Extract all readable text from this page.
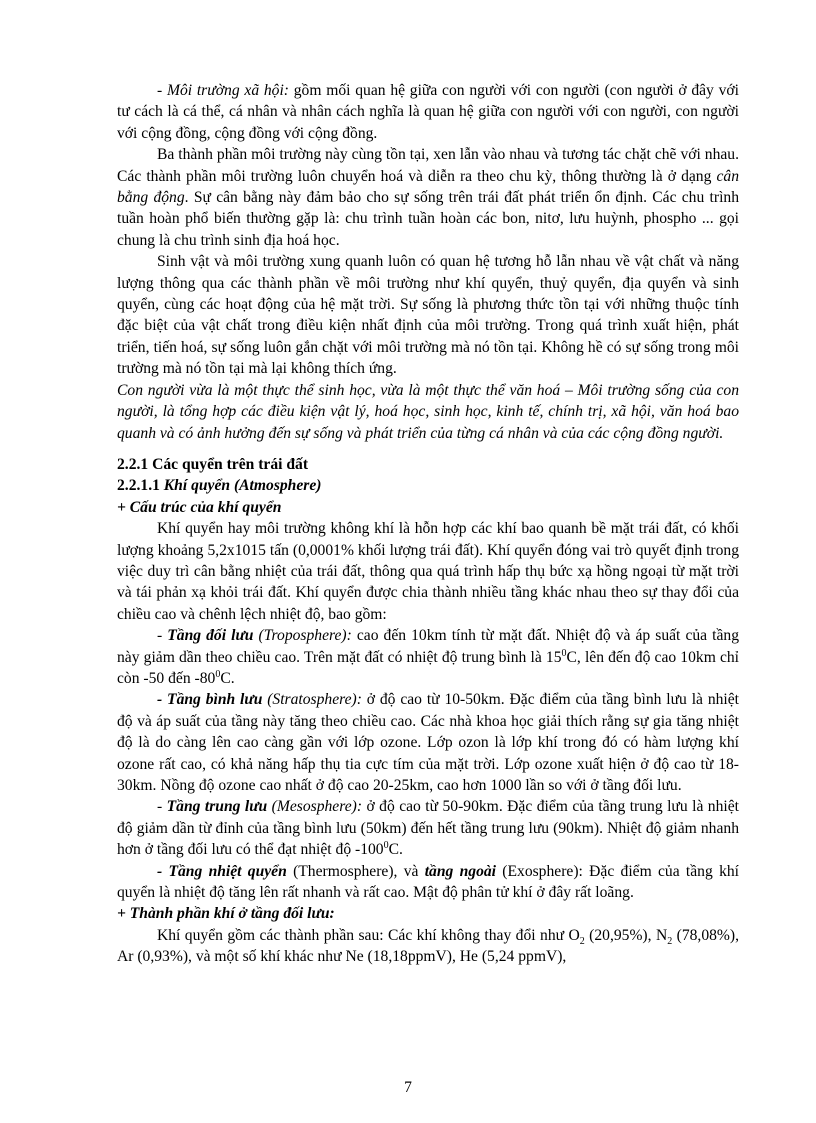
- Môi trường xã hội: gồm mối quan hệ giữa con người với con người (con người ở đây với tư cách là cá thể, cá nhân và nhân cách nghĩa là quan hệ giữa con người với con người, con người với cộng đồng, cộng đồng với cộng đồng.

Ba thành phần môi trường này cùng tồn tại, xen lẫn vào nhau và tương tác chặt chẽ với nhau. Các thành phần môi trường luôn chuyển hoá và diễn ra theo chu kỳ, thông thường là ở dạng cân bằng động. Sự cân bằng này đảm bảo cho sự sống trên trái đất phát triển ổn định. Các chu trình tuần hoàn phổ biến thường gặp là: chu trình tuần hoàn các bon, nitơ, lưu huỳnh, phospho ... gọi chung là chu trình sinh địa hoá học.

Sinh vật và môi trường xung quanh luôn có quan hệ tương hỗ lẫn nhau về vật chất và năng lượng thông qua các thành phần về môi trường như khí quyển, thuỷ quyển, địa quyển và sinh quyển, cùng các hoạt động của hệ mặt trời. Sự sống là phương thức tồn tại với những thuộc tính đặc biệt của vật chất trong điều kiện nhất định của môi trường. Trong quá trình xuất hiện, phát triển, tiến hoá, sự sống luôn gắn chặt với môi trường mà nó tồn tại. Không hề có sự sống trong môi trường mà nó tồn tại mà lại không thích ứng.

Con người vừa là một thực thể sinh học, vừa là một thực thể văn hoá – Môi trường sống của con người, là tổng hợp các điều kiện vật lý, hoá học, sinh học, kinh tế, chính trị, xã hội, văn hoá bao quanh và có ảnh hưởng đến sự sống và phát triển của từng cá nhân và của các cộng đồng người.

2.2.1 Các quyển trên trái đất

2.2.1.1 Khí quyển (Atmosphere)

+ Cấu trúc của khí quyển

Khí quyển hay môi trường không khí là hỗn hợp các khí bao quanh bề mặt trái đất, có khối lượng khoảng 5,2x1015 tấn (0,0001% khối lượng trái đất). Khí quyển đóng vai trò quyết định trong việc duy trì cân bằng nhiệt của trái đất, thông qua quá trình hấp thụ bức xạ hồng ngoại từ mặt trời và tái phản xạ khỏi trái đất. Khí quyển được chia thành nhiều tầng khác nhau theo sự thay đổi của chiều cao và chênh lệch nhiệt độ, bao gồm:

- Tầng đối lưu (Troposphere): cao đến 10km tính từ mặt đất. Nhiệt độ và áp suất của tầng này giảm dần theo chiều cao. Trên mặt đất có nhiệt độ trung bình là $15^0C$, lên đến độ cao 10km chỉ còn -50 đến $-80^0C$.

- Tầng bình lưu (Stratosphere): ở độ cao từ 10-50km. Đặc điểm của tầng bình lưu là nhiệt độ và áp suất của tầng này tăng theo chiều cao. Các nhà khoa học giải thích rằng sự gia tăng nhiệt độ là do càng lên cao càng gần với lớp ozone. Lớp ozon là lớp khí trong đó có hàm lượng khí ozone rất cao, có khả năng hấp thụ tia cực tím của mặt trời. Lớp ozone xuất hiện ở độ cao từ 18-30km. Nồng độ ozone cao nhất ở độ cao 20-25km, cao hơn 1000 lần so với ở tầng đối lưu.

- Tầng trung lưu (Mesosphere): ở độ cao từ 50-90km. Đặc điểm của tầng trung lưu là nhiệt độ giảm dần từ đỉnh của tầng bình lưu (50km) đến hết tầng trung lưu (90km). Nhiệt độ giảm nhanh hơn ở tầng đối lưu có thể đạt nhiệt độ $-100^0C$.

- Tầng nhiệt quyển (Thermosphere), và tầng ngoài (Exosphere): Đặc điểm của tầng khí quyển là nhiệt độ tăng lên rất nhanh và rất cao. Mật độ phân tử khí ở đây rất loãng.

+ Thành phần khí ở tầng đối lưu:

Khí quyển gồm các thành phần sau: Các khí không thay đổi như $O_2$ (20,95%), $N_2$ (78,08%), Ar (0,93%), và một số khí khác như Ne (18,18ppmV), He (5,24 ppmV),

7
